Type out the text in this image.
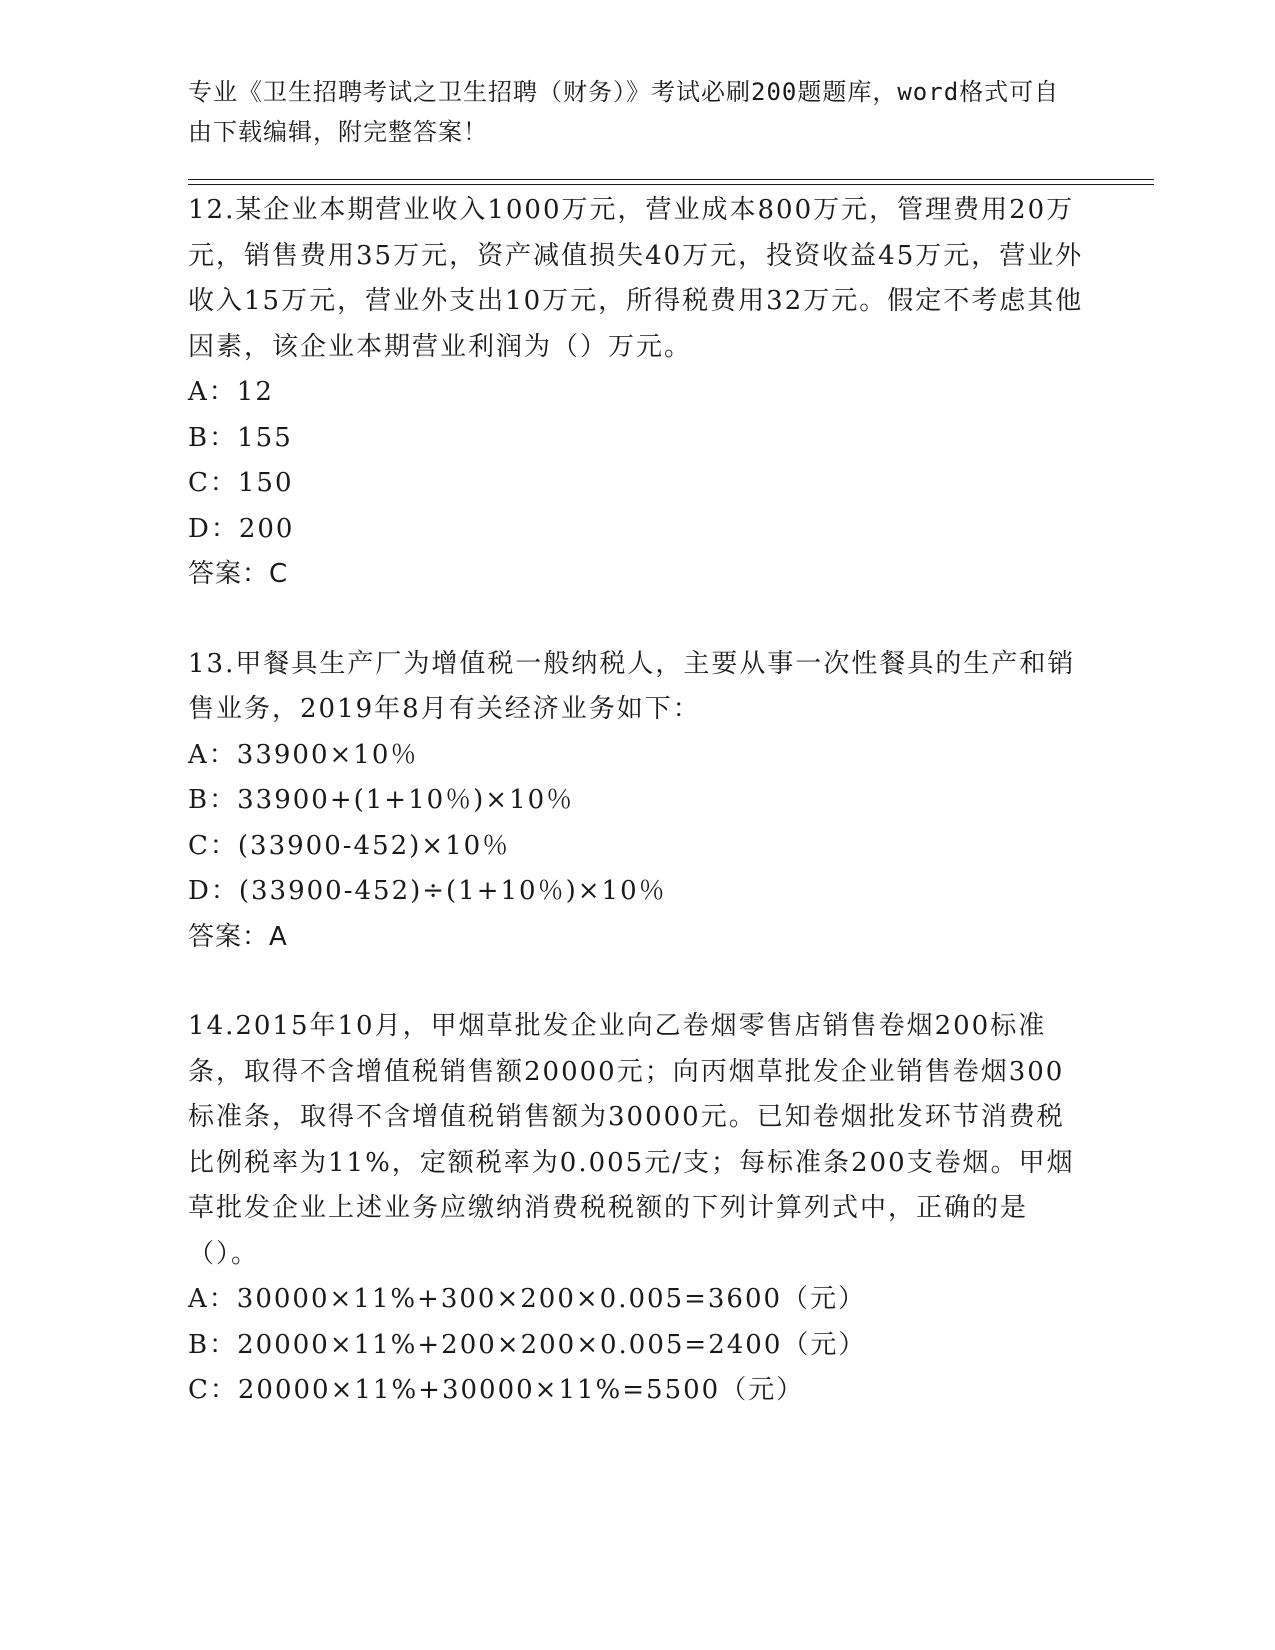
专业《卫生招聘考试之卫生招聘（财务）》考试必刷200题题库，word格式可自
由下载编辑，附完整答案！
12.某企业本期营业收入1000万元，营业成本800万元，管理费用20万元，销售费用35万元，资产减值损失40万元，投资收益45万元，营业外收入15万元，营业外支出10万元，所得税费用32万元。假定不考虑其他因素，该企业本期营业利润为（）万元。
A：12
B：155
C：150
D：200
答案：C
13.甲餐具生产厂为增值税一般纳税人，主要从事一次性餐具的生产和销售业务，2019年8月有关经济业务如下：
A：33900×10％
B：33900+(1+10％)×10％
C：(33900-452)×10％
D：(33900-452)÷(1+10％)×10％
答案：A
14.2015年10月，甲烟草批发企业向乙卷烟零售店销售卷烟200标准条，取得不含增值税销售额20000元；向丙烟草批发企业销售卷烟300标准条，取得不含增值税销售额为30000元。已知卷烟批发环节消费税比例税率为11%，定额税率为0.005元/支；每标准条200支卷烟。甲烟草批发企业上述业务应缴纳消费税税额的下列计算列式中，正确的是（）。
A：30000×11%+300×200×0.005=3600（元）
B：20000×11%+200×200×0.005=2400（元）
C：20000×11%+30000×11%=5500（元）
